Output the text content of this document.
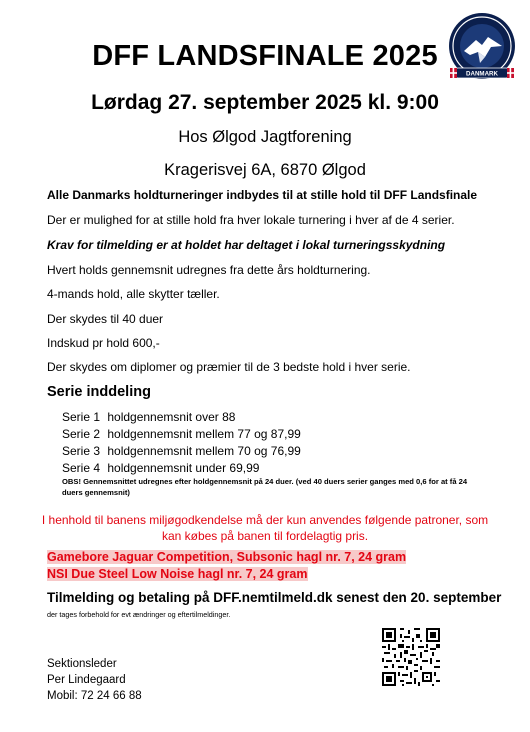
DANMARK
DFF LANDSFINALE 2025
Lørdag 27. september 2025 kl. 9:00
Hos Ølgod Jagtforening
Kragerisvej 6A, 6870 Ølgod
Alle Danmarks holdturneringer indbydes til at stille hold til DFF Landsfinale
Der er mulighed for at stille hold fra hver lokale turnering i hver af de 4 serier.
Krav for tilmelding er at holdet har deltaget i lokal turneringsskydning
Hvert holds gennemsnit udregnes fra dette års holdturnering.
4-mands hold, alle skytter tæller.
Der skydes til 40 duer
Indskud pr hold 600,-
Der skydes om diplomer og præmier til de 3 bedste hold i hver serie.
Serie inddeling
Serie 1 holdgennemsnit over 88
Serie 2 holdgennemsnit mellem 77 og 87,99
Serie 3 holdgennemsnit mellem 70 og 76,99
Serie 4 holdgennemsnit under 69,99
OBS! Gennemsnittet udregnes efter holdgennemsnit på 24 duer. (ved 40 duers serier ganges med 0,6 for at få 24 duers gennemsnit)
I henhold til banens miljøgodkendelse må der kun anvendes følgende patroner, som
kan købes på banen til fordelagtig pris.
Gamebore Jaguar Competition, Subsonic hagl nr. 7, 24 gram
NSI Due Steel Low Noise hagl nr. 7, 24 gram
Tilmelding og betaling på DFF.nemtilmeld.dk senest den 20. september
der tages forbehold for evt ændringer og eftertilmeldinger.
Sektionsleder
Per Lindegaard
Mobil: 72 24 66 88
